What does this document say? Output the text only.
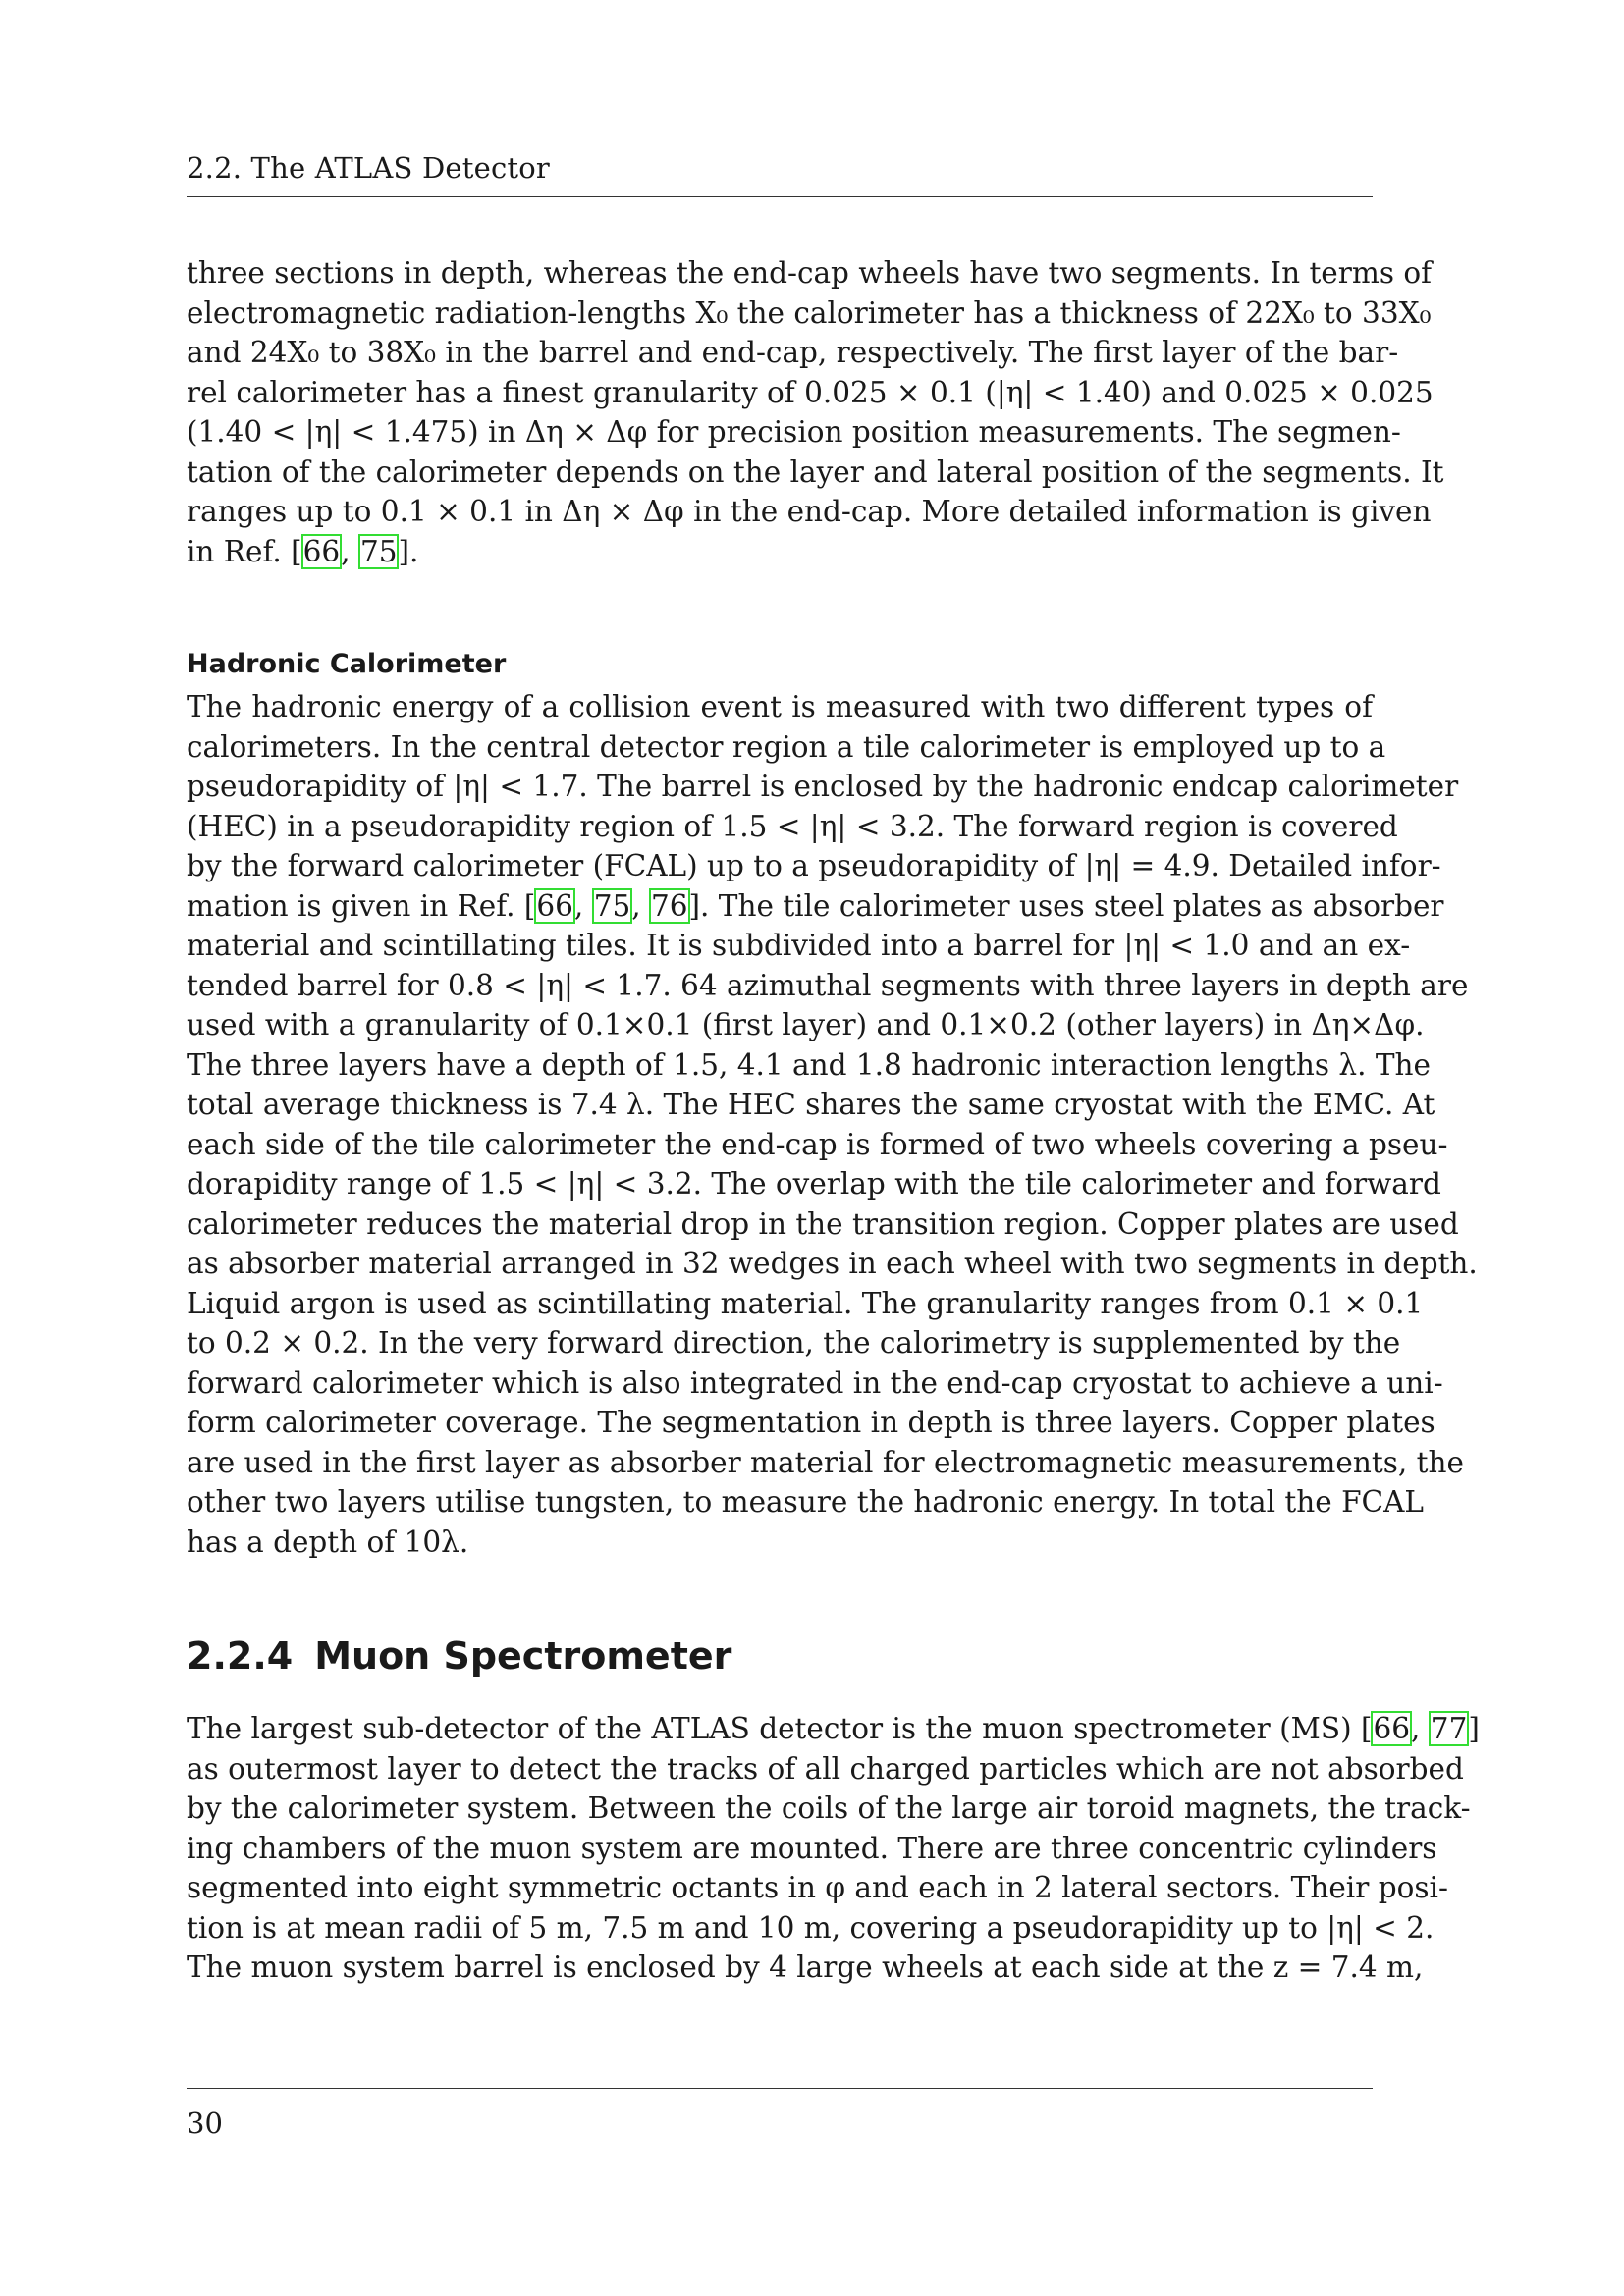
2.2. The ATLAS Detector
three sections in depth, whereas the end-cap wheels have two segments. In terms of
electromagnetic radiation-lengths X₀ the calorimeter has a thickness of 22X₀ to 33X₀
and 24X₀ to 38X₀ in the barrel and end-cap, respectively. The first layer of the bar-
rel calorimeter has a finest granularity of 0.025 × 0.1 (|η| < 1.40) and 0.025 × 0.025
(1.40 < |η| < 1.475) in Δη × Δφ for precision position measurements. The segmen-
tation of the calorimeter depends on the layer and lateral position of the segments. It
ranges up to 0.1 × 0.1 in Δη × Δφ in the end-cap. More detailed information is given
in Ref. [66, 75].
Hadronic Calorimeter
The hadronic energy of a collision event is measured with two different types of
calorimeters. In the central detector region a tile calorimeter is employed up to a
pseudorapidity of |η| < 1.7. The barrel is enclosed by the hadronic endcap calorimeter
(HEC) in a pseudorapidity region of 1.5 < |η| < 3.2. The forward region is covered
by the forward calorimeter (FCAL) up to a pseudorapidity of |η| = 4.9. Detailed infor-
mation is given in Ref. [66, 75, 76]. The tile calorimeter uses steel plates as absorber
material and scintillating tiles. It is subdivided into a barrel for |η| < 1.0 and an ex-
tended barrel for 0.8 < |η| < 1.7. 64 azimuthal segments with three layers in depth are
used with a granularity of 0.1×0.1 (first layer) and 0.1×0.2 (other layers) in Δη×Δφ.
The three layers have a depth of 1.5, 4.1 and 1.8 hadronic interaction lengths λ. The
total average thickness is 7.4 λ. The HEC shares the same cryostat with the EMC. At
each side of the tile calorimeter the end-cap is formed of two wheels covering a pseu-
dorapidity range of 1.5 < |η| < 3.2. The overlap with the tile calorimeter and forward
calorimeter reduces the material drop in the transition region. Copper plates are used
as absorber material arranged in 32 wedges in each wheel with two segments in depth.
Liquid argon is used as scintillating material. The granularity ranges from 0.1 × 0.1
to 0.2 × 0.2. In the very forward direction, the calorimetry is supplemented by the
forward calorimeter which is also integrated in the end-cap cryostat to achieve a uni-
form calorimeter coverage. The segmentation in depth is three layers. Copper plates
are used in the first layer as absorber material for electromagnetic measurements, the
other two layers utilise tungsten, to measure the hadronic energy. In total the FCAL
has a depth of 10λ.
2.2.4 Muon Spectrometer
The largest sub-detector of the ATLAS detector is the muon spectrometer (MS) [66, 77]
as outermost layer to detect the tracks of all charged particles which are not absorbed
by the calorimeter system. Between the coils of the large air toroid magnets, the track-
ing chambers of the muon system are mounted. There are three concentric cylinders
segmented into eight symmetric octants in φ and each in 2 lateral sectors. Their posi-
tion is at mean radii of 5 m, 7.5 m and 10 m, covering a pseudorapidity up to |η| < 2.
The muon system barrel is enclosed by 4 large wheels at each side at the z = 7.4 m,
30
